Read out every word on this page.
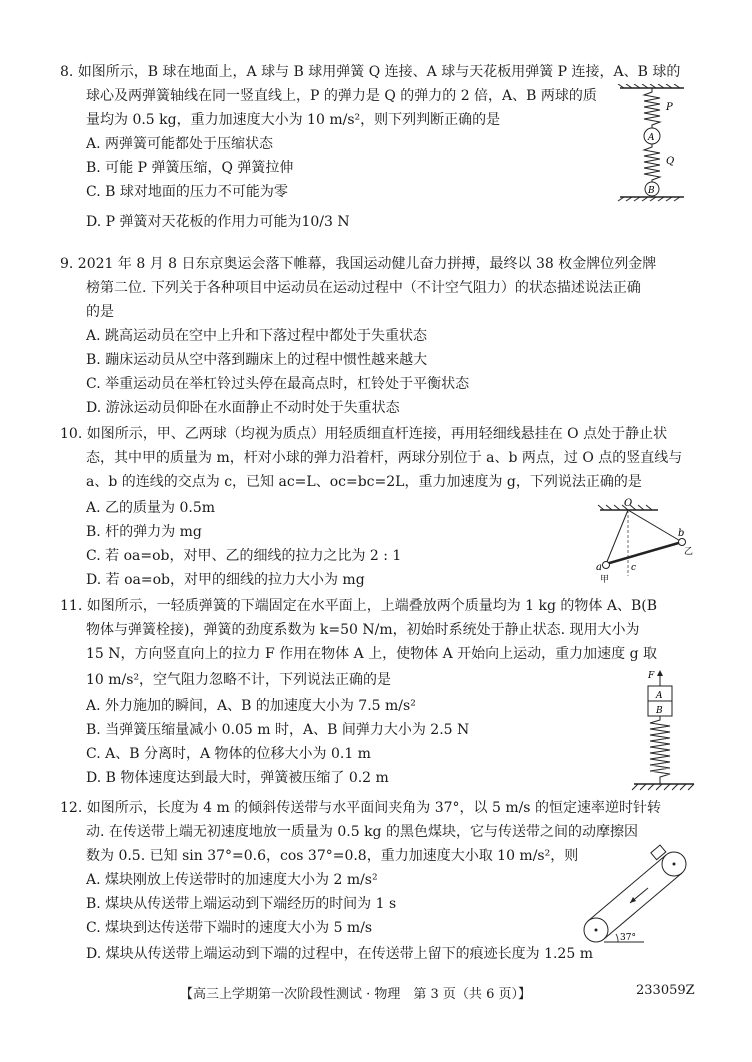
8. 如图所示，B 球在地面上，A 球与 B 球用弹簧 Q 连接、A 球与天花板用弹簧 P 连接，A、B 球的
球心及两弹簧轴线在同一竖直线上，P 的弹力是 Q 的弹力的 2 倍，A、B 两球的质
量均为 0.5 kg，重力加速度大小为 10 m/s²，则下列判断正确的是
A. 两弹簧可能都处于压缩状态
B. 可能 P 弹簧压缩，Q 弹簧拉伸
C. B 球对地面的压力不可能为零
D. P 弹簧对天花板的作用力可能为10/3 N
P
A
Q
B
9. 2021 年 8 月 8 日东京奥运会落下帷幕，我国运动健儿奋力拼搏，最终以 38 枚金牌位列金牌
榜第二位. 下列关于各种项目中运动员在运动过程中（不计空气阻力）的状态描述说法正确
的是
A. 跳高运动员在空中上升和下落过程中都处于失重状态
B. 蹦床运动员从空中落到蹦床上的过程中惯性越来越大
C. 举重运动员在举杠铃过头停在最高点时，杠铃处于平衡状态
D. 游泳运动员仰卧在水面静止不动时处于失重状态
10. 如图所示，甲、乙两球（均视为质点）用轻质细直杆连接，再用轻细线悬挂在 O 点处于静止状
态，其中甲的质量为 m，杆对小球的弹力沿着杆，两球分别位于 a、b 两点，过 O 点的竖直线与
a、b 的连线的交点为 c，已知 ac=L、oc=bc=2L，重力加速度为 g，下列说法正确的是
A. 乙的质量为 0.5m
B. 杆的弹力为 mg
C. 若 oa=ob，对甲、乙的细线的拉力之比为 2 : 1
D. 若 oa=ob，对甲的细线的拉力大小为 mg
O
a
b
c
甲
乙
11. 如图所示，一轻质弹簧的下端固定在水平面上，上端叠放两个质量均为 1 kg 的物体 A、B(B
物体与弹簧栓接)，弹簧的劲度系数为 k=50 N/m，初始时系统处于静止状态. 现用大小为
15 N，方向竖直向上的拉力 F 作用在物体 A 上，使物体 A 开始向上运动，重力加速度 g 取
10 m/s²，空气阻力忽略不计，下列说法正确的是
A. 外力施加的瞬间，A、B 的加速度大小为 7.5 m/s²
B. 当弹簧压缩量减小 0.05 m 时，A、B 间弹力大小为 2.5 N
C. A、B 分离时，A 物体的位移大小为 0.1 m
D. B 物体速度达到最大时，弹簧被压缩了 0.2 m
F
A
B
12. 如图所示，长度为 4 m 的倾斜传送带与水平面间夹角为 37°，以 5 m/s 的恒定速率逆时针转
动. 在传送带上端无初速度地放一质量为 0.5 kg 的黑色煤块，它与传送带之间的动摩擦因
数为 0.5. 已知 sin 37°=0.6，cos 37°=0.8，重力加速度大小取 10 m/s²，则
A. 煤块刚放上传送带时的加速度大小为 2 m/s²
B. 煤块从传送带上端运动到下端经历的时间为 1 s
C. 煤块到达传送带下端时的速度大小为 5 m/s
D. 煤块从传送带上端运动到下端的过程中，在传送带上留下的痕迹长度为 1.25 m
37°
【高三上学期第一次阶段性测试 · 物理　第 3 页（共 6 页）】	233059Z
